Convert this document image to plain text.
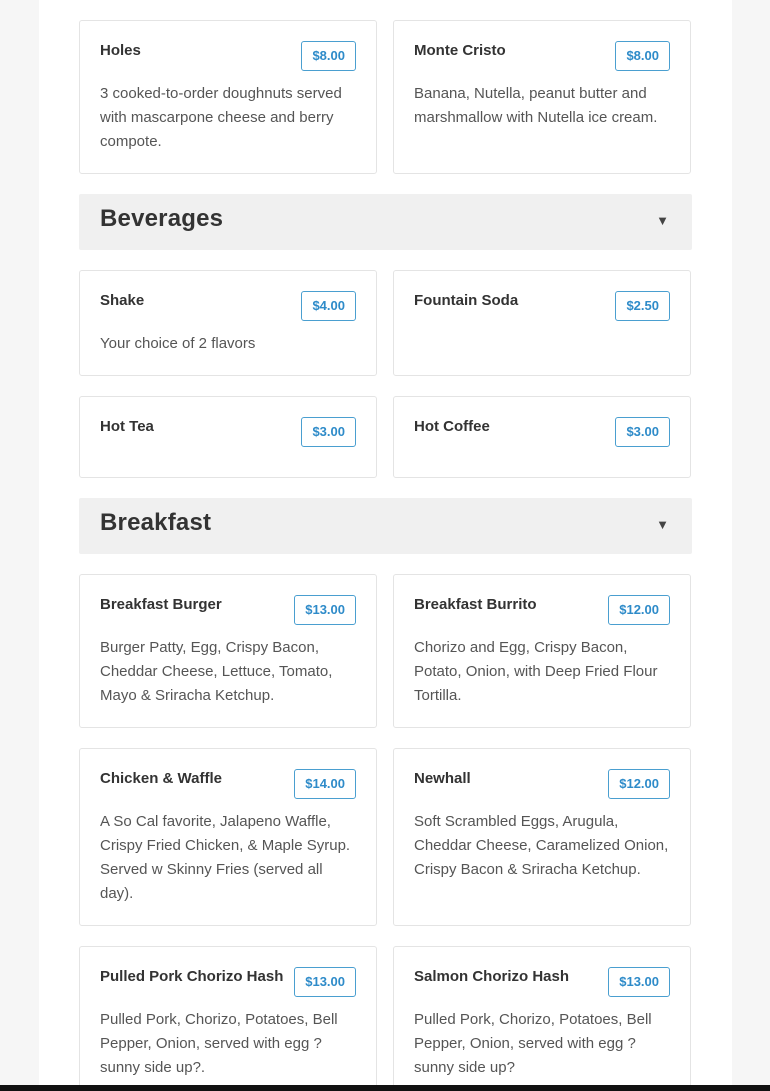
Holes	$8.00
3 cooked-to-order doughnuts served with mascarpone cheese and berry compote.
Monte Cristo	$8.00
Banana, Nutella, peanut butter and marshmallow with Nutella ice cream.
Beverages	▼
Shake	$4.00
Your choice of 2 flavors
Fountain Soda	$2.50
Hot Tea	$3.00	Hot Coffee	$3.00
Breakfast	▼
Breakfast Burger	$13.00
Burger Patty, Egg, Crispy Bacon, Cheddar Cheese, Lettuce, Tomato, Mayo & Sriracha Ketchup.
Breakfast Burrito	$12.00
Chorizo and Egg, Crispy Bacon, Potato, Onion, with Deep Fried Flour Tortilla.
Chicken & Waffle	$14.00
A So Cal favorite, Jalapeno Waffle, Crispy Fried Chicken, & Maple Syrup. Served w Skinny Fries (served all day).
Newhall	$12.00
Soft Scrambled Eggs, Arugula, Cheddar Cheese, Caramelized Onion, Crispy Bacon & Sriracha Ketchup.
Pulled Pork Chorizo Hash	$13.00
Pulled Pork, Chorizo, Potatoes, Bell Pepper, Onion, served with egg ? sunny side up?.
Salmon Chorizo Hash	$13.00
Pulled Pork, Chorizo, Potatoes, Bell Pepper, Onion, served with egg ? sunny side up?
